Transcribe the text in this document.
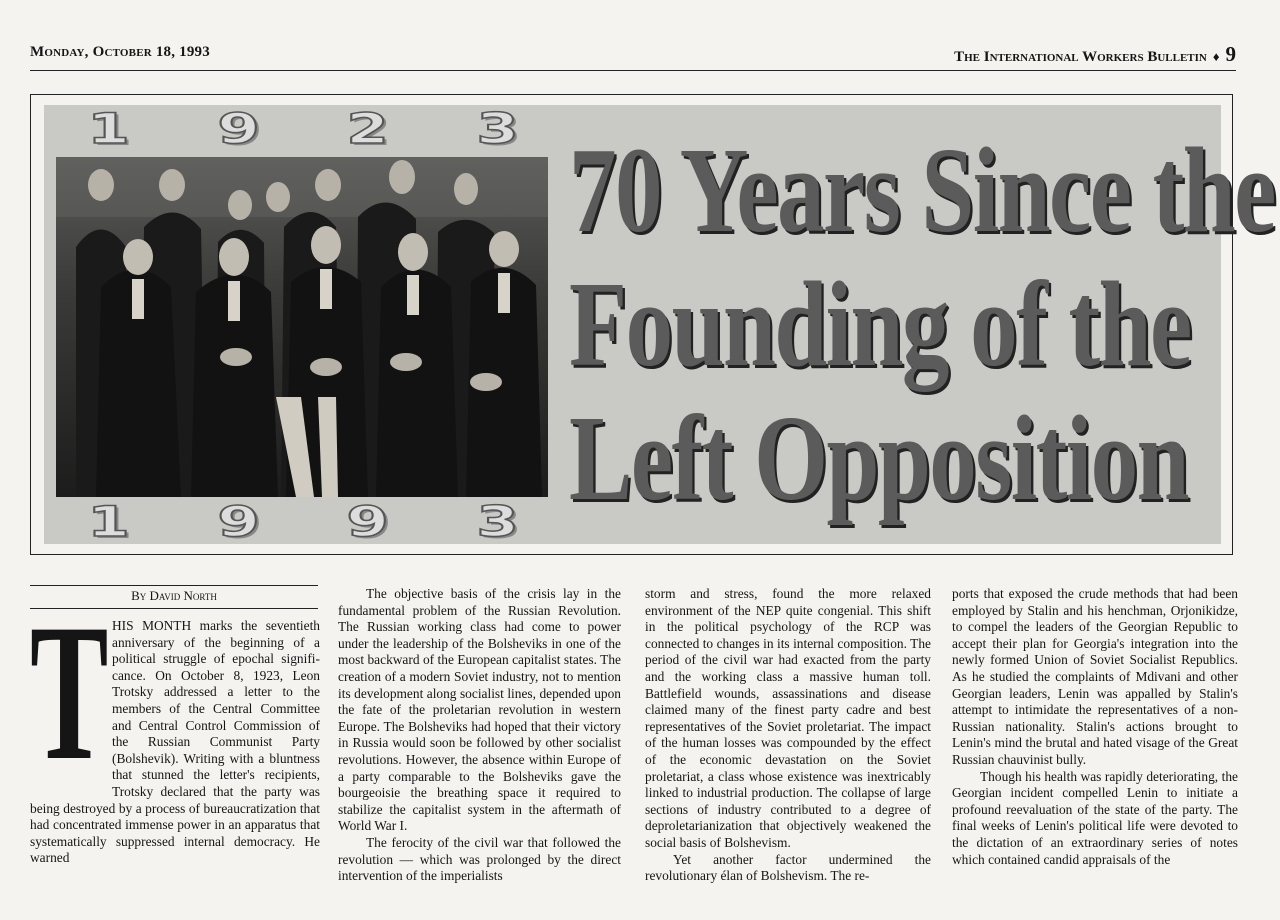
Monday, October 18, 1993	The International Workers Bulletin ♦ 9
1 9 2 3
1 9 9 3
70 Years Since the
Founding of the
Left Opposition
By David North
T HIS MONTH marks the seventieth anniversary of the beginning of a political struggle of epochal significance. On October 8, 1923, Leon Trotsky addressed a letter to the members of the Central Committee and Central Control Commission of the Russian Communist Party (Bolshevik). Writing with a bluntness that stunned the letter's recipients, Trotsky declared that the party was being destroyed by a process of bureaucratization that had concentrated immense power in an apparatus that systematically suppressed internal democracy. He warned

The objective basis of the crisis lay in the fundamental problem of the Russian Revolution. The Russian working class had come to power under the leadership of the Bolsheviks in one of the most backward of the European capitalist states. The creation of a modern Soviet industry, not to mention its development along socialist lines, depended upon the fate of the proletarian revolution in western Europe. The Bolsheviks had hoped that their victory in Russia would soon be followed by other socialist revolutions. However, the absence within Europe of a party comparable to the Bolsheviks gave the bourgeoisie the breathing space it required to stabilize the capitalist system in the aftermath of World War I.

The ferocity of the civil war that followed the revolution — which was prolonged by the direct intervention of the imperialists

storm and stress, found the more relaxed environment of the NEP quite congenial. This shift in the political psychology of the RCP was connected to changes in its internal composition. The period of the civil war had exacted from the party and the working class a massive human toll. Battlefield wounds, assassinations and disease claimed many of the finest party cadre and best representatives of the Soviet proletariat. The impact of the human losses was compounded by the effect of the economic devastation on the Soviet proletariat, a class whose existence was inextricably linked to industrial production. The collapse of large sections of industry contributed to a degree of deproletarianization that objectively weakened the social basis of Bolshevism.

Yet another factor undermined the revolutionary élan of Bolshevism. The re-

ports that exposed the crude methods that had been employed by Stalin and his henchman, Orjonikidze, to compel the leaders of the Georgian Republic to accept their plan for Georgia's integration into the newly formed Union of Soviet Socialist Republics. As he studied the complaints of Mdivani and other Georgian leaders, Lenin was appalled by Stalin's attempt to intimidate the representatives of a non-Russian nationality. Stalin's actions brought to Lenin's mind the brutal and hated visage of the Great Russian chauvinist bully.

Though his health was rapidly deteriorating, the Georgian incident compelled Lenin to initiate a profound reevaluation of the state of the party. The final weeks of Lenin's political life were devoted to the dictation of an extraordinary series of notes which contained candid appraisals of the
